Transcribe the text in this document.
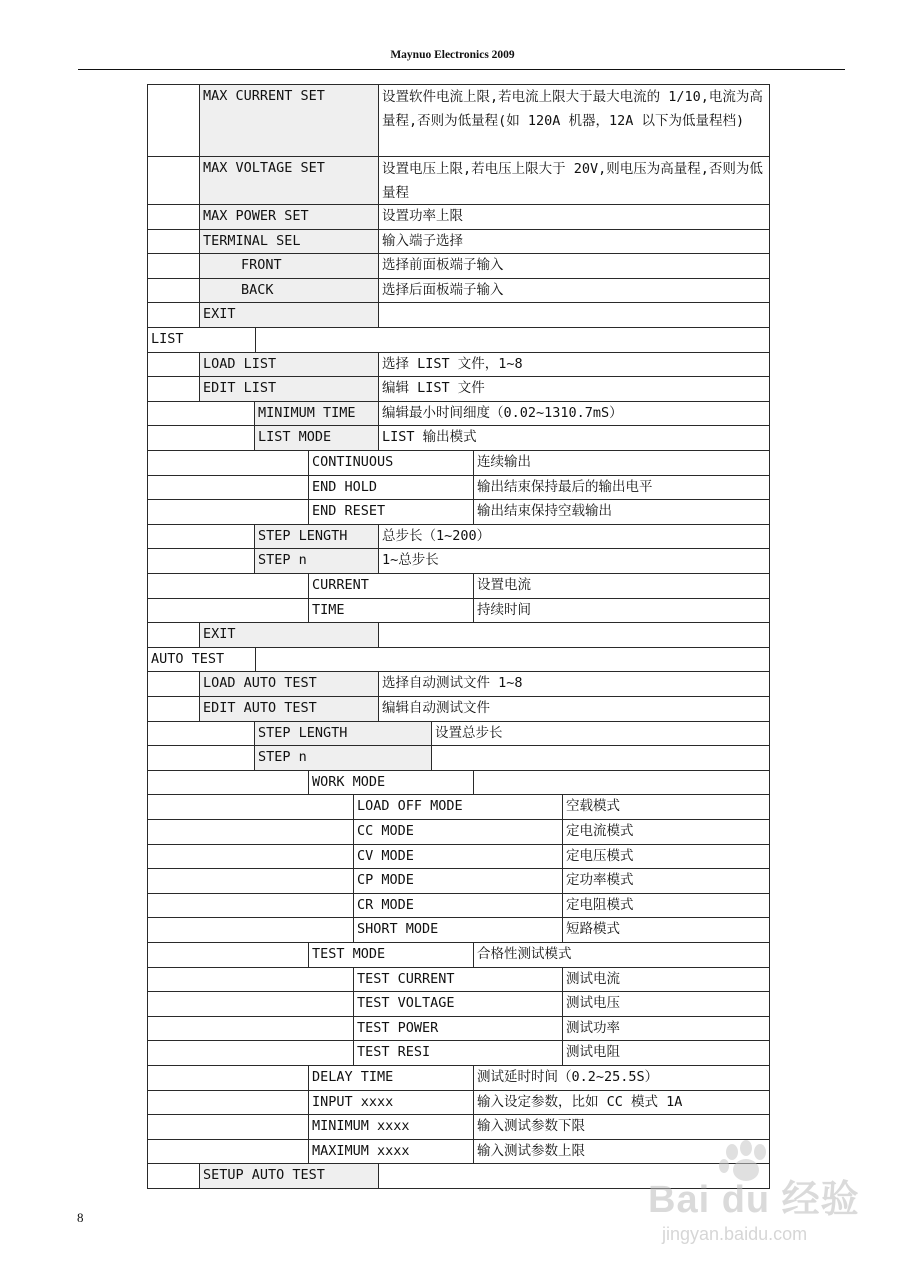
Maynuo Electronics 2009
MAX CURRENT SET	设置软件电流上限,若电流上限大于最大电流的 1/10,电流为高量程,否则为低量程(如 120A 机器，12A 以下为低量程档)
MAX VOLTAGE SET	设置电压上限,若电压上限大于 20V,则电压为高量程,否则为低量程
MAX POWER SET	设置功率上限
TERMINAL SEL	输入端子选择
FRONT	选择前面板端子输入
BACK	选择后面板端子输入
EXIT
LIST
LOAD LIST	选择 LIST 文件，1~8
EDIT LIST	编辑 LIST 文件
MINIMUM TIME	编辑最小时间细度（0.02~1310.7mS）
LIST MODE	LIST 输出模式
CONTINUOUS	连续输出
END HOLD	输出结束保持最后的输出电平
END RESET	输出结束保持空载输出
STEP LENGTH	总步长（1~200）
STEP n	1~总步长
CURRENT	设置电流
TIME	持续时间
EXIT
AUTO TEST
LOAD AUTO TEST	选择自动测试文件 1~8
EDIT AUTO TEST	编辑自动测试文件
STEP LENGTH	设置总步长
STEP n
WORK MODE
LOAD OFF MODE	空载模式
CC MODE	定电流模式
CV MODE	定电压模式
CP MODE	定功率模式
CR MODE	定电阻模式
SHORT MODE	短路模式
TEST MODE	合格性测试模式
TEST CURRENT	测试电流
TEST VOLTAGE	测试电压
TEST POWER	测试功率
TEST RESI	测试电阻
DELAY TIME	测试延时时间（0.2~25.5S）
INPUT xxxx	输入设定参数，比如 CC 模式 1A
MINIMUM xxxx	输入测试参数下限
MAXIMUM xxxx	输入测试参数上限
SETUP AUTO TEST
8	Bai du 经验
jingyan.baidu.com
